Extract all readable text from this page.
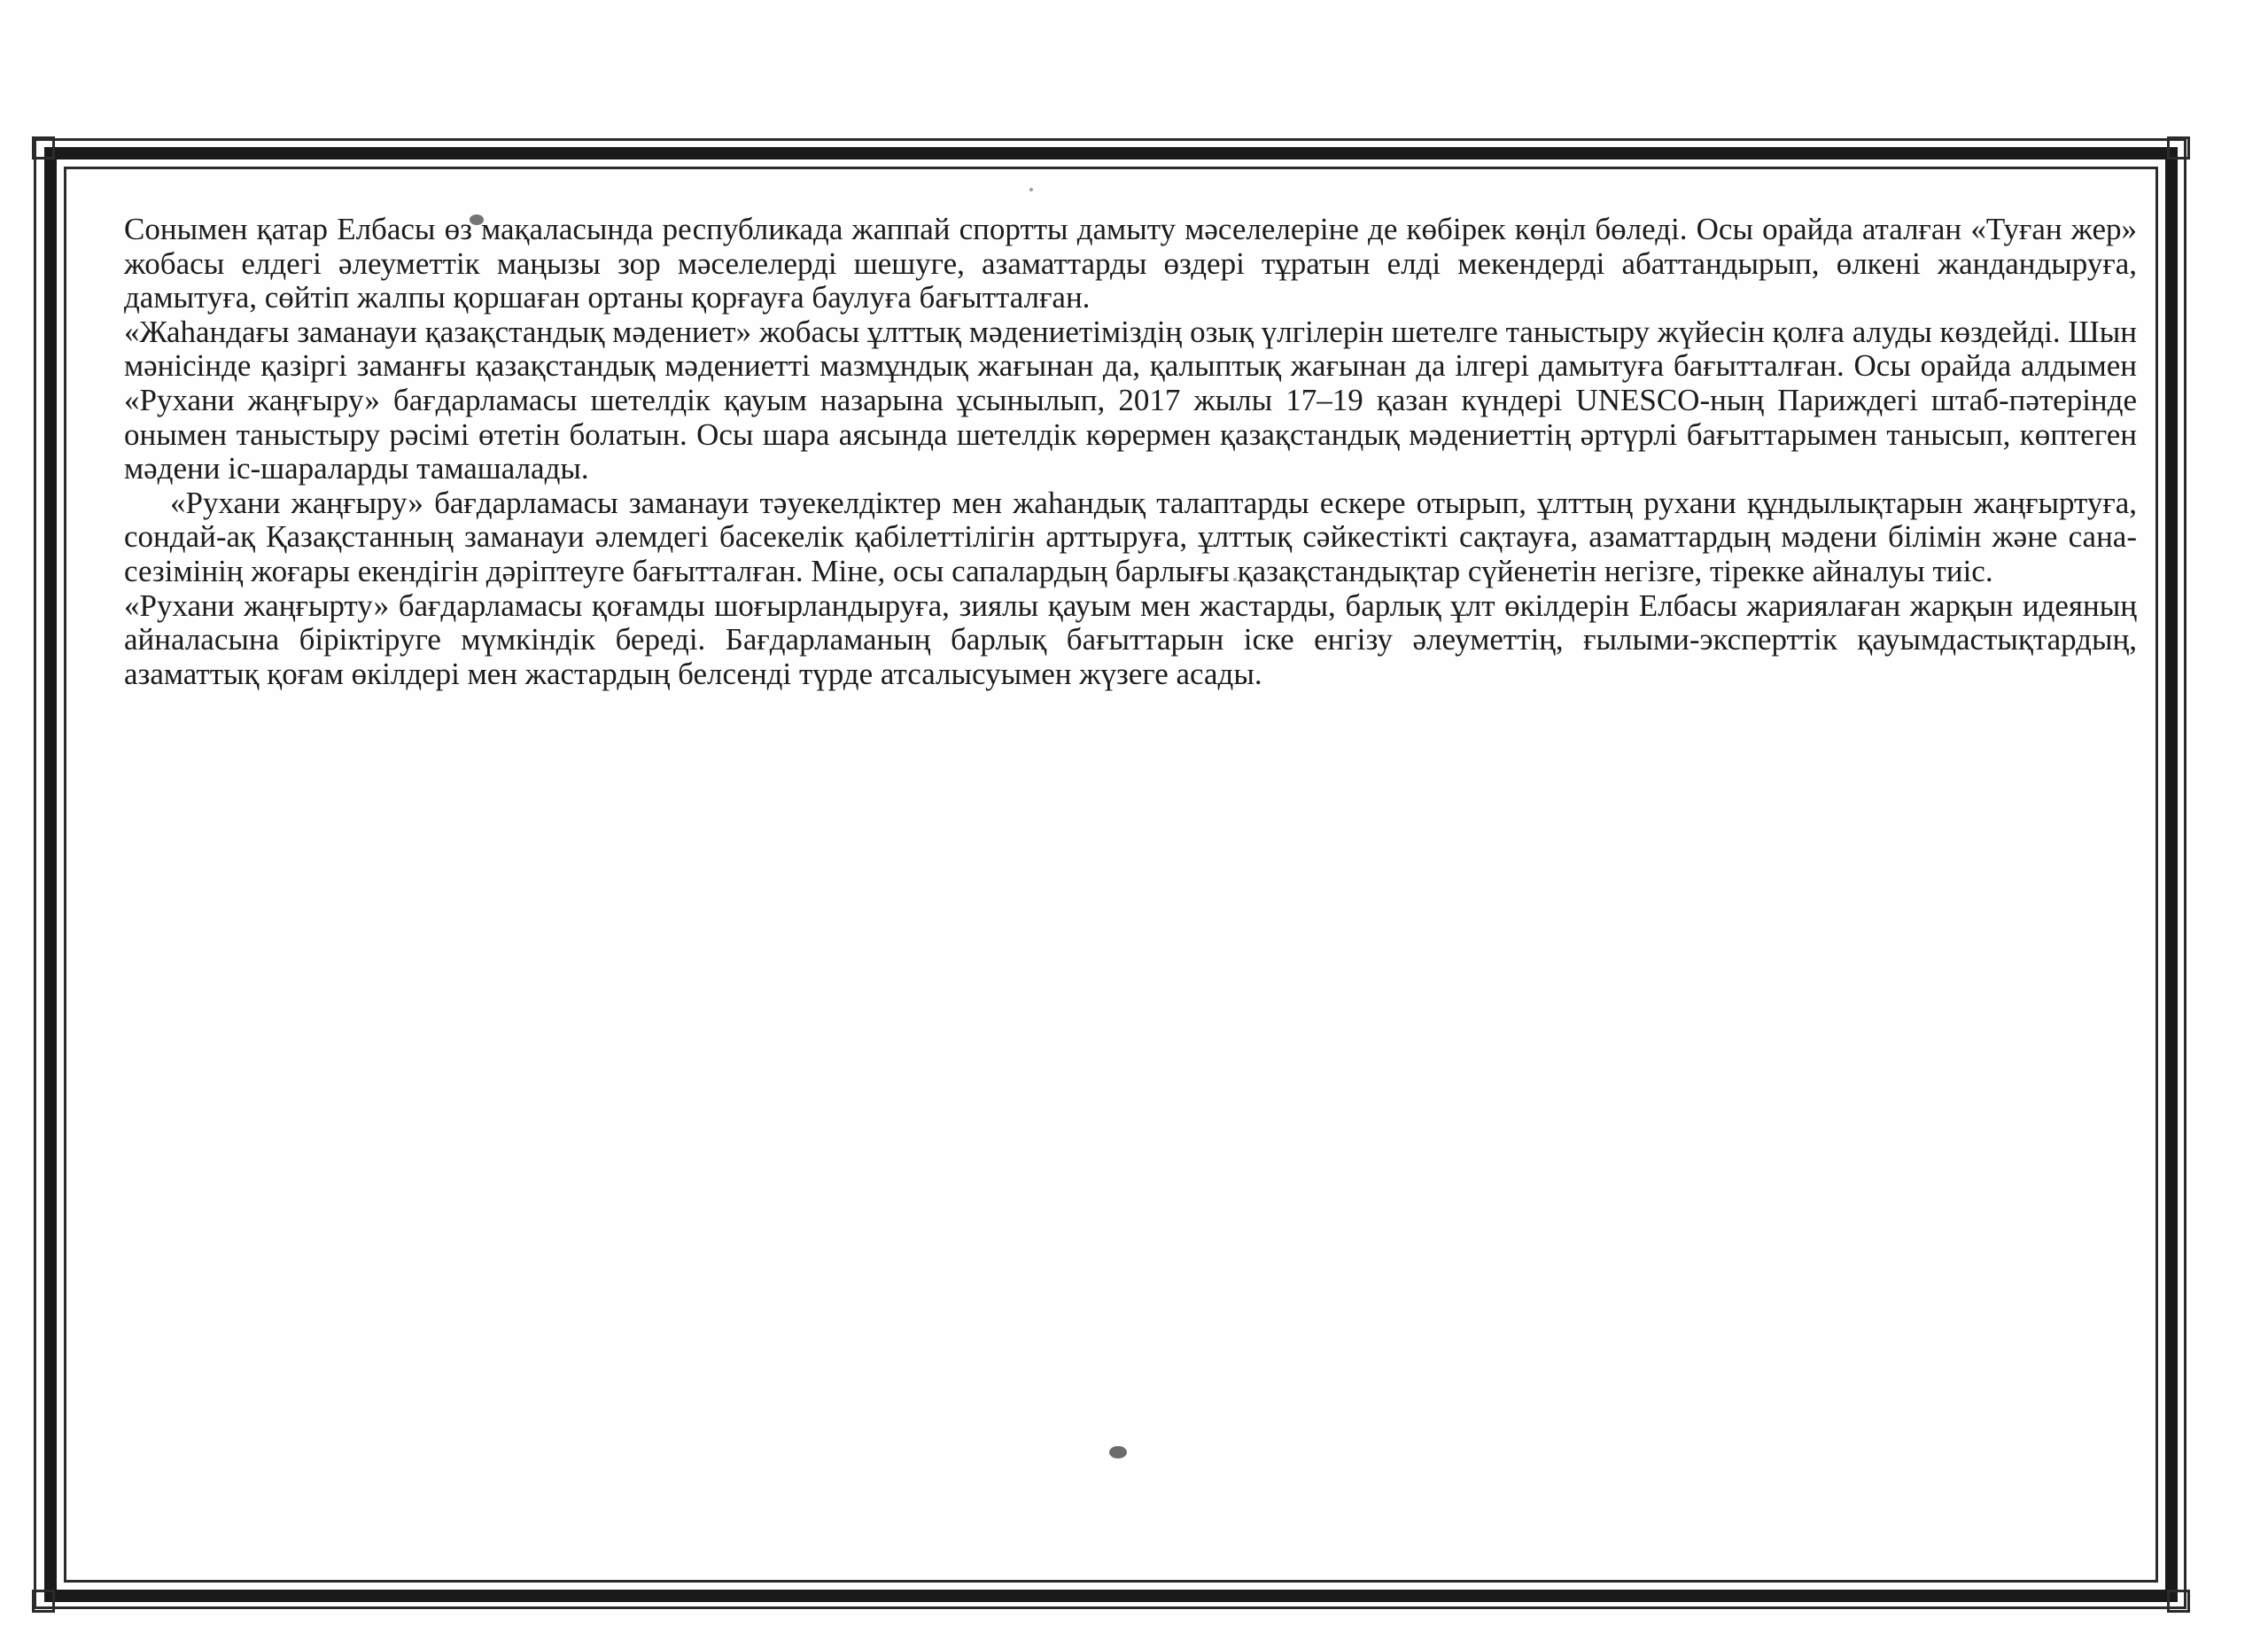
Сонымен қатар Елбасы өз мақаласында республикада жаппай спортты дамыту мәселелеріне де көбірек көңіл бөледі. Осы орайда аталған «Туған жер» жобасы елдегі әлеуметтік маңызы зор мәселелерді шешуге, азаматтарды өздері тұратын елді мекендерді абаттандырып, өлкені жандандыруға, дамытуға, сөйтіп жалпы қоршаған ортаны қорғауға баулуға бағытталған.

«Жаһандағы заманауи қазақстандық мәдениет» жобасы ұлттық мәдениетіміздің озық үлгілерін шетелге таныстыру жүйесін қолға алуды көздейді. Шын мәнісінде қазіргі заманғы қазақстандық мәдениетті мазмұндық жағынан да, қалыптық жағынан да ілгері дамытуға бағытталған. Осы орайда алдымен «Рухани жаңғыру» бағдарламасы шетелдік қауым назарына ұсынылып, 2017 жылы 17–19 қазан күндері UNESCO-ның Париждегі штаб-пәтерінде онымен таныстыру рәсімі өтетін болатын. Осы шара аясында шетелдік көрермен қазақстандық мәдениеттің әртүрлі бағыттарымен танысып, көптеген мәдени іс-шараларды тамашалады.

«Рухани жаңғыру» бағдарламасы заманауи тәуекелдіктер мен жаһандық талаптарды ескере отырып, ұлттың рухани құндылықтарын жаңғыртуға, сондай-ақ Қазақстанның заманауи әлемдегі басекелік қабілеттілігін арттыруға, ұлттық сәйкестікті сақтауға, азаматтардың мәдени білімін және сана-сезімінің жоғары екендігін дәріптеуге бағытталған. Міне, осы сапалардың барлығы қазақстандықтар сүйенетін негізге, тірекке айналуы тиіс.

«Рухани жаңғырту» бағдарламасы қоғамды шоғырландыруға, зиялы қауым мен жастарды, барлық ұлт өкілдерін Елбасы жариялаған жарқын идеяның айналасына біріктіруге мүмкіндік береді. Бағдарламаның барлық бағыттарын іске енгізу әлеуметтің, ғылыми-эксперттік қауымдастықтардың, азаматтық қоғам өкілдері мен жастардың белсенді түрде атсалысуымен жүзеге асады.
